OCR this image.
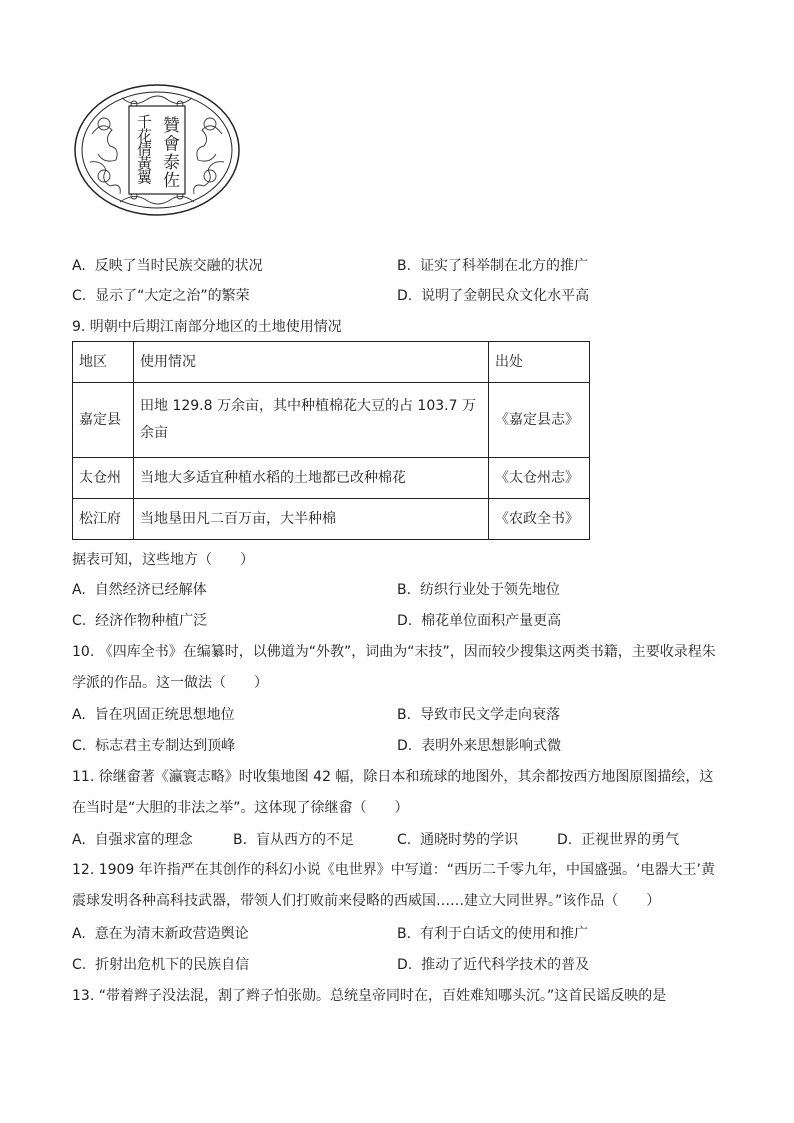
贊 會 泰 佐
千 花 倩 黃 翼
A. 反映了当时民族交融的状况	B. 证实了科举制在北方的推广
C. 显示了“大定之治”的繁荣	D. 说明了金朝民众文化水平高
9. 明朝中后期江南部分地区的土地使用情况
地区	使用情况	出处
嘉定县	田地 129.8 万余亩，其中种植棉花大豆的占 103.7 万余亩	《嘉定县志》
太仓州	当地大多适宜种植水稻的土地都已改种棉花	《太仓州志》
松江府	当地垦田凡二百万亩，大半种棉	《农政全书》
据表可知，这些地方（　　）
A. 自然经济已经解体	B. 纺织行业处于领先地位
C. 经济作物种植广泛	D. 棉花单位面积产量更高
10. 《四库全书》在编纂时，以佛道为“外教”，词曲为“末技”，因而较少搜集这两类书籍，主要收录程朱学派的作品。这一做法（　　）
A. 旨在巩固正统思想地位	B. 导致市民文学走向衰落
C. 标志君主专制达到顶峰	D. 表明外来思想影响式微
11. 徐继畲著《瀛寰志略》时收集地图 42 幅，除日本和琉球的地图外，其余都按西方地图原图描绘，这在当时是“大胆的非法之举”。这体现了徐继畲（　　）
A. 自强求富的理念	B. 盲从西方的不足	C. 通晓时势的学识	D. 正视世界的勇气
12. 1909 年许指严在其创作的科幻小说《电世界》中写道：“西历二千零九年，中国盛强。‘电器大王’黄震球发明各种高科技武器，带领人们打败前来侵略的西威国……建立大同世界。”该作品（　　）
A. 意在为清末新政营造舆论	B. 有利于白话文的使用和推广
C. 折射出危机下的民族自信	D. 推动了近代科学技术的普及
13. “带着辫子没法混，割了辫子怕张勋。总统皇帝同时在，百姓难知哪头沉。”这首民谣反映的是
